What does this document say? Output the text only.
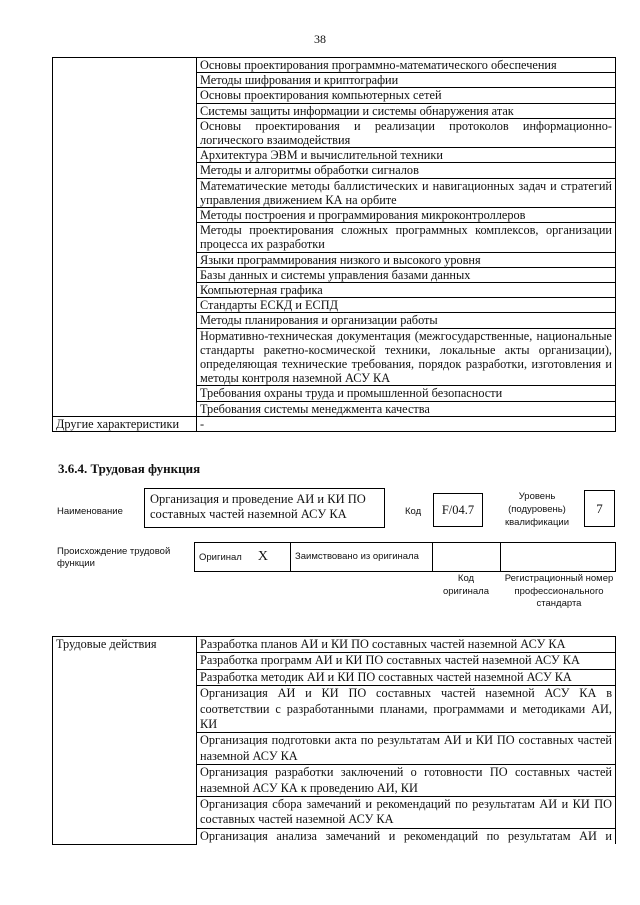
38
	Основы проектирования программно-математического обеспечения
	Методы шифрования и криптографии
	Основы проектирования компьютерных сетей
	Системы защиты информации и системы обнаружения атак
	Основы проектирования и реализации протоколов информационно-логического взаимодействия
	Архитектура ЭВМ и вычислительной техники
	Методы и алгоритмы обработки сигналов
	Математические методы баллистических и навигационных задач и стратегий управления движением КА на орбите
	Методы построения и программирования микроконтроллеров
	Методы проектирования сложных программных комплексов, организации процесса их разработки
	Языки программирования низкого и высокого уровня
	Базы данных и системы управления базами данных
	Компьютерная графика
	Стандарты ЕСКД и ЕСПД
	Методы планирования и организации работы
	Нормативно-техническая документация (межгосударственные, национальные стандарты ракетно-космической техники, локальные акты организации), определяющая технические требования, порядок разработки, изготовления и методы контроля наземной АСУ КА
	Требования охраны труда и промышленной безопасности
	Требования системы менеджмента качества
Другие характеристики	-
3.6.4. Трудовая функция
Наименование
Организация и проведение АИ и КИ ПО составных частей наземной АСУ КА	Код	F/04.7
Уровень (подуровень) квалификации
7
Происхождение трудовой функции
Оригинал X	Заимствовано из оригинала		
Код оригинала
Регистрационный номер профессионального стандарта
Трудовые действия	Разработка планов АИ и КИ ПО составных частей наземной АСУ КА
Разработка программ АИ и КИ ПО составных частей наземной АСУ КА
Разработка методик АИ и КИ ПО составных частей наземной АСУ КА
Организация АИ и КИ ПО составных частей наземной АСУ КА в соответствии с разработанными планами, программами и методиками АИ, КИ
Организация подготовки акта по результатам АИ и КИ ПО составных частей наземной АСУ КА
Организация разработки заключений о готовности ПО составных частей наземной АСУ КА к проведению АИ, КИ
Организация сбора замечаний и рекомендаций по результатам АИ и КИ ПО составных частей наземной АСУ КА
Организация анализа замечаний и рекомендаций по результатам АИ и
